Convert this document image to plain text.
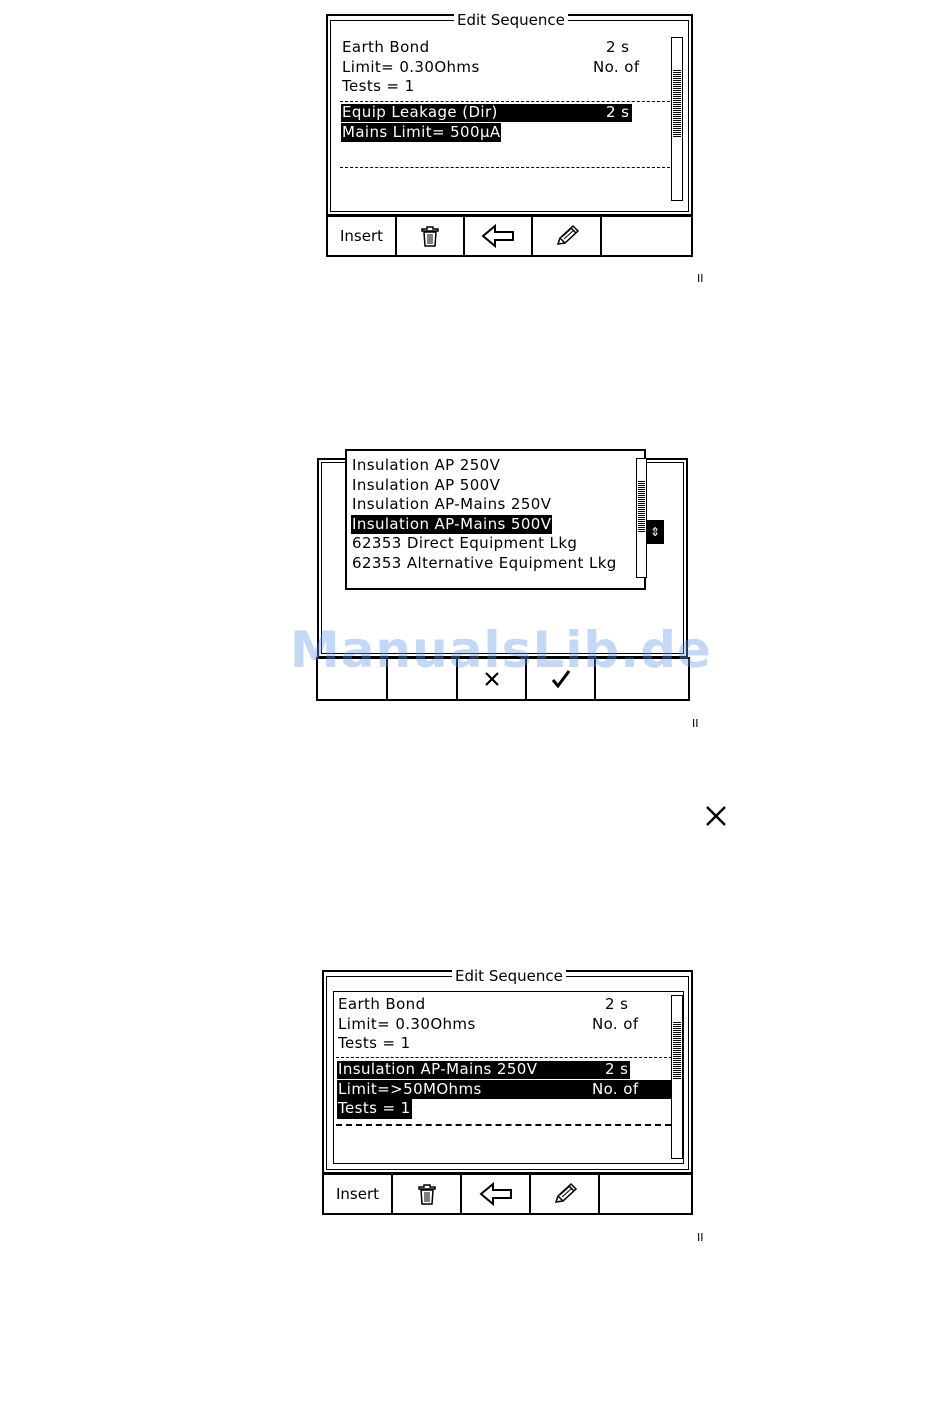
Edit Sequence
Earth Bond	2 s
Limit= 0.30Ohms	No. of
Tests = 1
Equip Leakage (Dir)	2 s
Mains Limit= 500μA
Insert
II
⇕
Insulation AP 250V
Insulation AP 500V
Insulation AP-Mains 250V
Insulation AP-Mains 500V
62353 Direct Equipment Lkg
62353 Alternative Equipment Lkg
ManualsLib.de
II
Edit Sequence
Earth Bond	2 s
Limit= 0.30Ohms	No. of
Tests = 1
Insulation AP-Mains 250V	2 s
Limit=>50MOhms	No. of
Tests = 1
Insert
II
